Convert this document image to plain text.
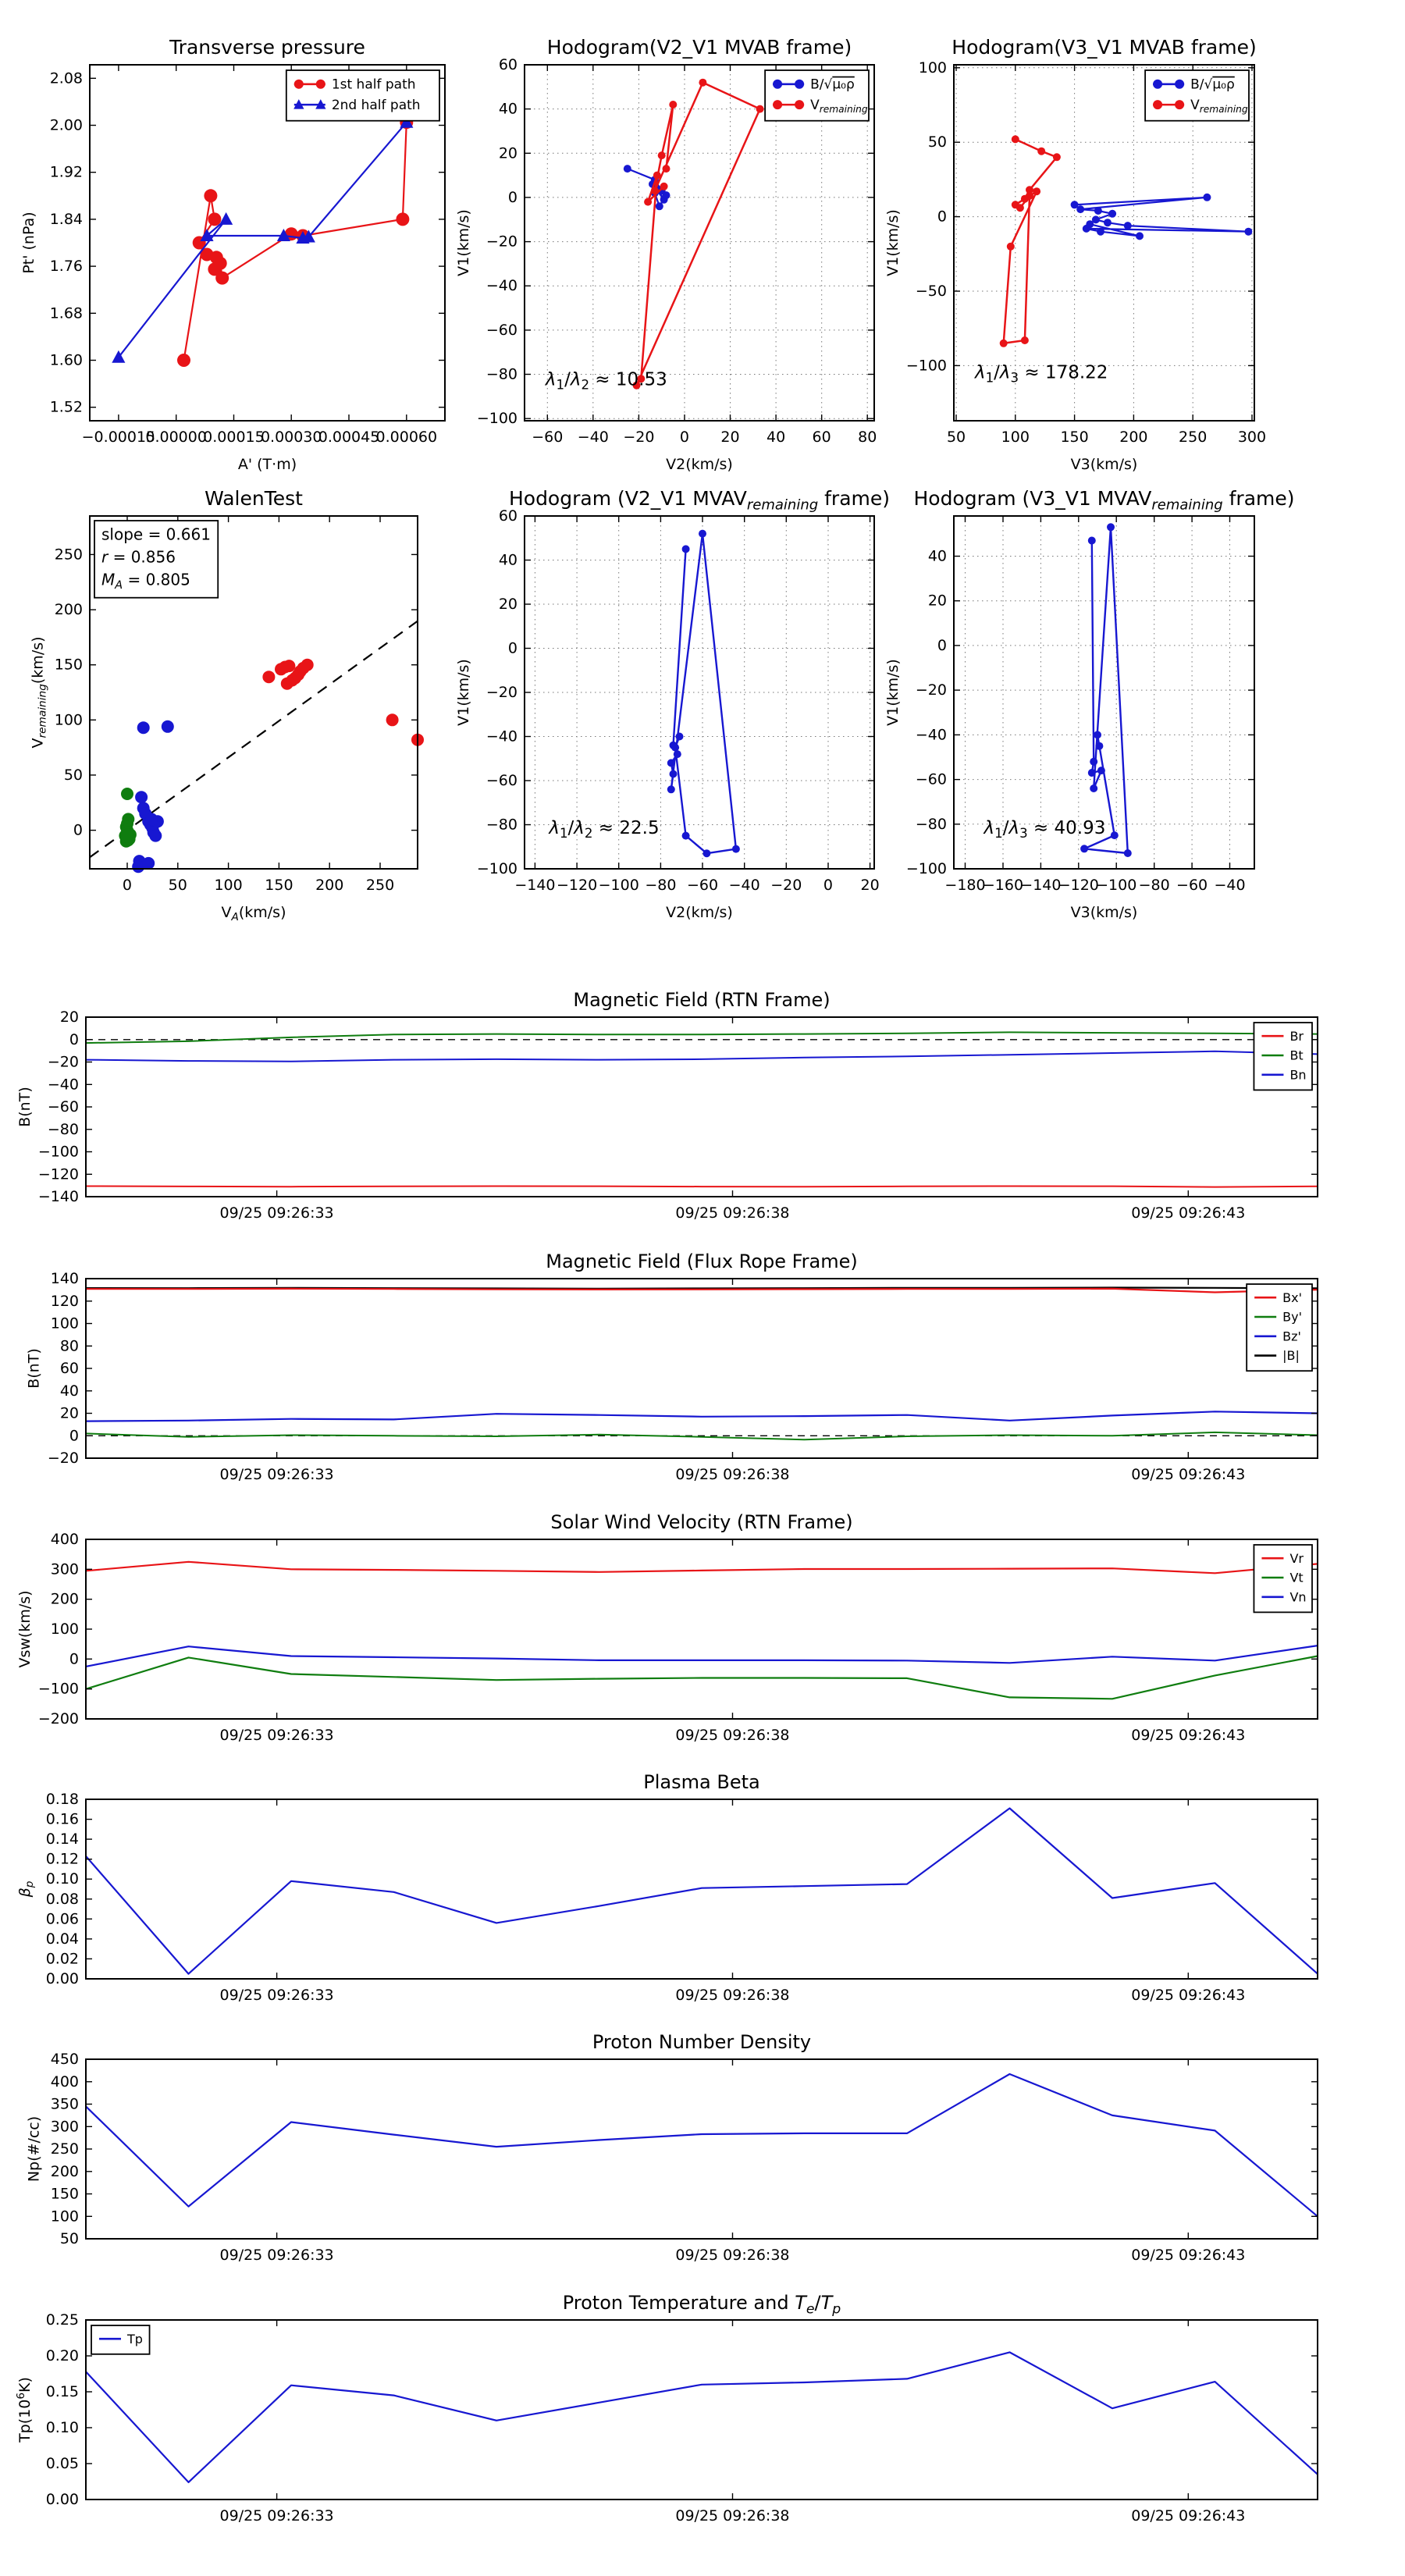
−0.00015
0.00000
0.00015
0.00030
0.00045
0.00060
1.52
1.60
1.68
1.76
1.84
1.92
2.00
2.08
Transverse pressure
A' (T·m)
Pt' (nPa)
1st half path
2nd half path
−60 −40 −20 0 20 40 60 80
−100
−80
−60
−40
−20
0
20
40
60
Hodogram(V2_V1 MVAB frame)
V2(km/s)
V1(km/s)
$\lambda_1/\lambda_2 \approx 10.53$
B/√μ₀ρ
$V_{remaining}$
50 100 150 200 250 300
−100
−50
0
50
100
Hodogram(V3_V1 MVAB frame)
V3(km/s)
V1(km/s)
$\lambda_1/\lambda_3 \approx 178.22$
B/√μ₀ρ
$V_{remaining}$
0 50 100 150 200 250
0
50
100
150
200
250
WalenTest
$V_A(km/s)$
$V_{remaining}(km/s)$
slope = 0.661
r = 0.856
$M_A = 0.805$
−140 −120 −100 −80 −60 −40 −20 0 20
−100
−80
−60
−40
−20
0
20
40
60
Hodogram (V2_V1 $MVAV_{remaining}$ frame)
V2(km/s)
V1(km/s)
$\lambda_1/\lambda_2 \approx 22.5$
−180
−160
−140
−120
−100 −80 −60 −40
−100
−80
−60
−40
−20
0
20
40
Hodogram (V3_V1 $MVAV_{remaining}$ frame)
V3(km/s)
V1(km/s)
$\lambda_1/\lambda_3 \approx 40.93$
09/25 09:26:33	09/25 09:26:38	09/25 09:26:43
−140
−120
−100
−80
−60
−40
−20
0
20
Magnetic Field (RTN Frame)
B(nT)
Br
Bt
Bn
09/25 09:26:33	09/25 09:26:38	09/25 09:26:43
−20
0
20
40
60
80
100
120
140
Magnetic Field (Flux Rope Frame)
B(nT)
Bx'
By'
Bz'
|B|
09/25 09:26:33	09/25 09:26:38	09/25 09:26:43
−200
−100
0
100
200
300
400
Solar Wind Velocity (RTN Frame)
Vsw(km/s)
Vr
Vt
Vn
09/25 09:26:33	09/25 09:26:38	09/25 09:26:43
0.00
0.02
0.04
0.06
0.08
0.10
0.12
0.14
0.16
0.18
Plasma Beta
$\beta_p$
09/25 09:26:33	09/25 09:26:38	09/25 09:26:43
50
100
150
200
250
300
350
400
450
Proton Number Density
Np(#/cc)
09/25 09:26:33	09/25 09:26:38	09/25 09:26:43
0.00
0.05
0.10
0.15
0.20
0.25
Proton Temperature and $T_e/T_p$
$Tp(10^6K)$
Tp
